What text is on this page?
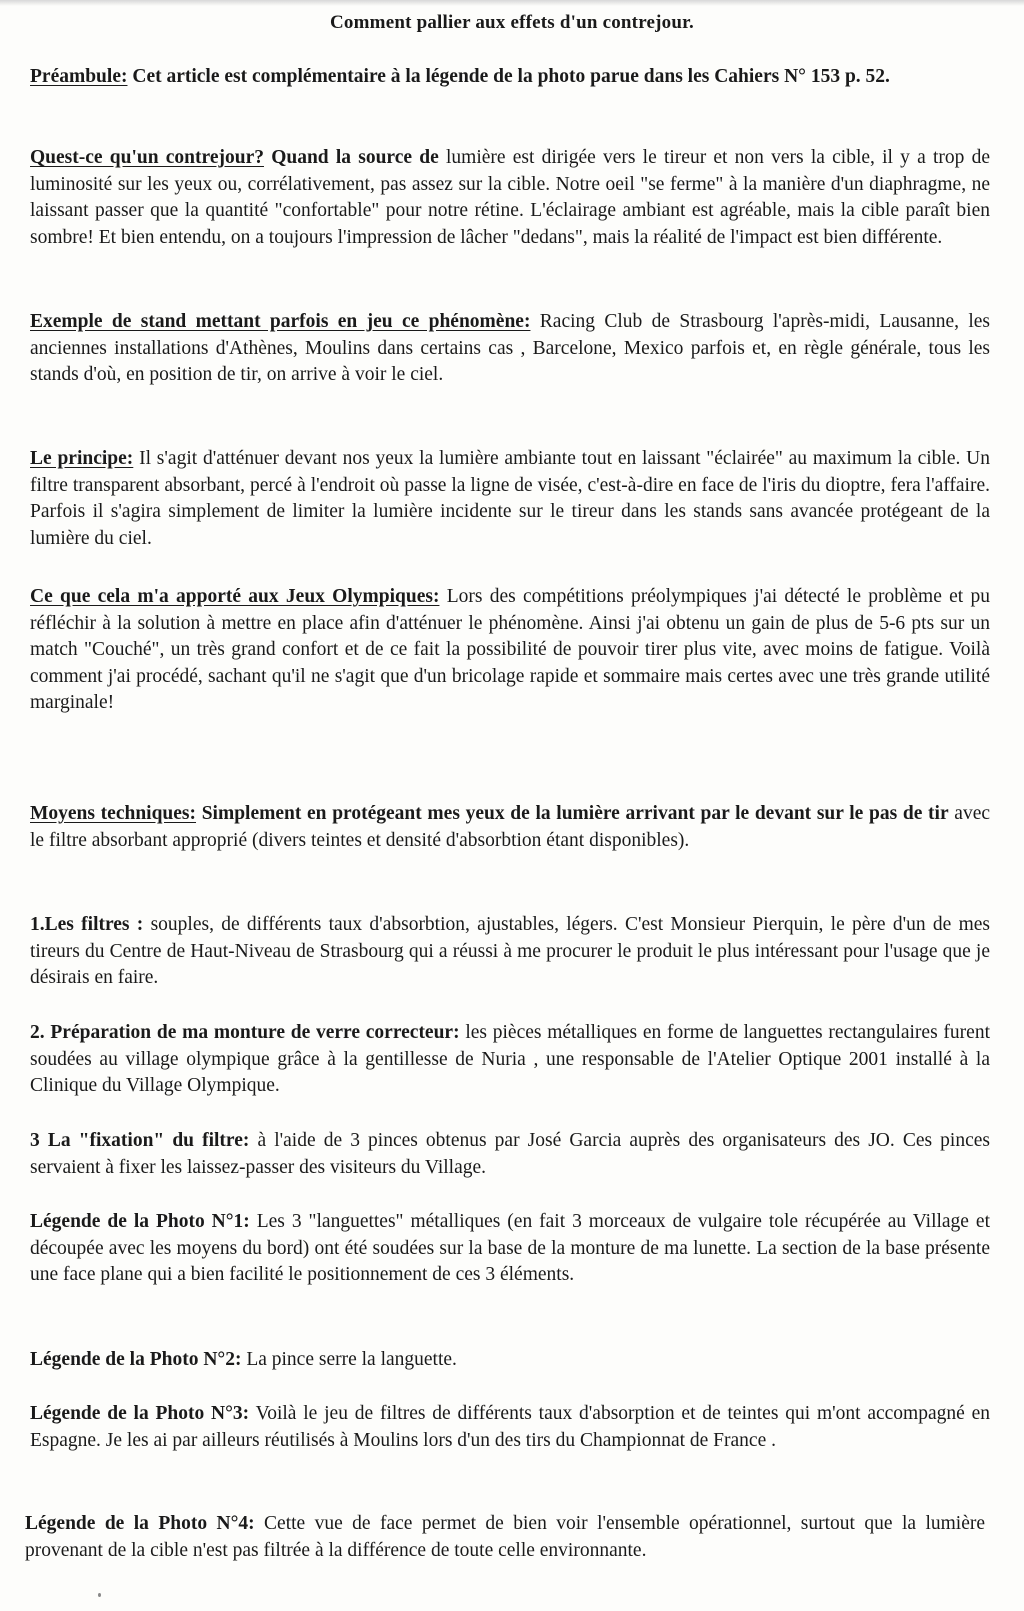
Comment pallier aux effets d'un contrejour.
Préambule: Cet article est complémentaire à la légende de la photo parue dans les Cahiers N° 153 p. 52.
Quest-ce qu'un contrejour? Quand la source de lumière est dirigée vers le tireur et non vers la cible, il y a trop de luminosité sur les yeux ou, corrélativement, pas assez sur la cible. Notre oeil "se ferme" à la manière d'un diaphragme, ne laissant passer que la quantité "confortable" pour notre rétine. L'éclairage ambiant est agréable, mais la cible paraît bien sombre! Et bien entendu, on a toujours l'impression de lâcher "dedans", mais la réalité de l'impact est bien différente.
Exemple de stand mettant parfois en jeu ce phénomène: Racing Club de Strasbourg l'après-midi, Lausanne, les anciennes installations d'Athènes, Moulins dans certains cas , Barcelone, Mexico parfois et, en règle générale, tous les stands d'où, en position de tir, on arrive à voir le ciel.
Le principe: Il s'agit d'atténuer devant nos yeux la lumière ambiante tout en laissant "éclairée" au maximum la cible. Un filtre transparent absorbant, percé à l'endroit où passe la ligne de visée, c'est-à-dire en face de l'iris du dioptre, fera l'affaire. Parfois il s'agira simplement de limiter la lumière incidente sur le tireur dans les stands sans avancée protégeant de la lumière du ciel.
Ce que cela m'a apporté aux Jeux Olympiques: Lors des compétitions préolympiques j'ai détecté le problème et pu réfléchir à la solution à mettre en place afin d'atténuer le phénomène. Ainsi j'ai obtenu un gain de plus de 5-6 pts sur un match "Couché", un très grand confort et de ce fait la possibilité de pouvoir tirer plus vite, avec moins de fatigue. Voilà comment j'ai procédé, sachant qu'il ne s'agit que d'un bricolage rapide et sommaire mais certes avec une très grande utilité marginale!
Moyens techniques: Simplement en protégeant mes yeux de la lumière arrivant par le devant sur le pas de tir avec le filtre absorbant approprié (divers teintes et densité d'absorbtion étant disponibles).
1.Les filtres : souples, de différents taux d'absorbtion, ajustables, légers. C'est Monsieur Pierquin, le père d'un de mes tireurs du Centre de Haut-Niveau de Strasbourg qui a réussi à me procurer le produit le plus intéressant pour l'usage que je désirais en faire.
2. Préparation de ma monture de verre correcteur: les pièces métalliques en forme de languettes rectangulaires furent soudées au village olympique grâce à la gentillesse de Nuria , une responsable de l'Atelier Optique 2001 installé à la Clinique du Village Olympique.
3 La "fixation" du filtre: à l'aide de 3 pinces obtenus par José Garcia auprès des organisateurs des JO. Ces pinces servaient à fixer les laissez-passer des visiteurs du Village.
Légende de la Photo N°1: Les 3 "languettes" métalliques (en fait 3 morceaux de vulgaire tole récupérée au Village et découpée avec les moyens du bord) ont été soudées sur la base de la monture de ma lunette. La section de la base présente une face plane qui a bien facilité le positionnement de ces 3 éléments.
Légende de la Photo N°2: La pince serre la languette.
Légende de la Photo N°3: Voilà le jeu de filtres de différents taux d'absorption et de teintes qui m'ont accompagné en Espagne. Je les ai par ailleurs réutilisés à Moulins lors d'un des tirs du Championnat de France .
Légende de la Photo N°4: Cette vue de face permet de bien voir l'ensemble opérationnel, surtout que la lumière provenant de la cible n'est pas filtrée à la différence de toute celle environnante.
